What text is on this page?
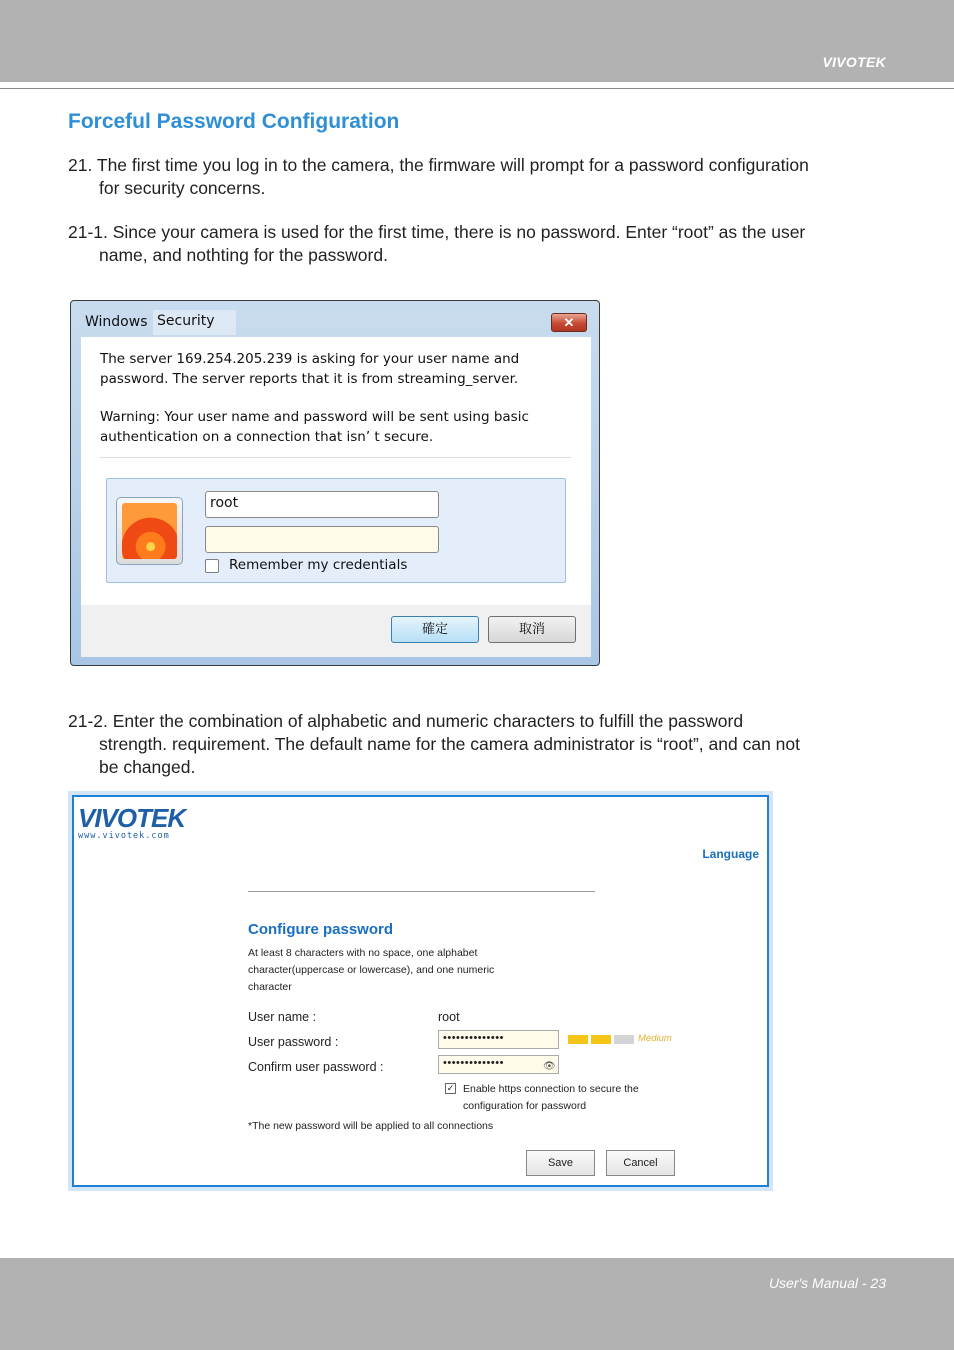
VIVOTEK
Forceful Password Configuration

21. The first time you log in to the camera, the firmware will prompt for a password configuration
for security concerns.

21-1. Since your camera is used for the first time, there is no password. Enter “root” as the user
name, and nothting for the password.

Windows Security	✕
The server 169.254.205.239 is asking for your user name and
password. The server reports that it is from streaming_server.
Warning: Your user name and password will be sent using basic
authentication on a connection that isn’ t secure.
root
Remember my credentials
確定	取消

21-2. Enter the combination of alphabetic and numeric characters to fulfill the password
strength. requirement. The default name for the camera administrator is “root”, and can not
be changed.

VIVOTEK
www.vivotek.com
Language
Configure password
At least 8 characters with no space, one alphabet
character(uppercase or lowercase), and one numeric
character
User name :	root
User password :	••••••••••••••	Medium
Confirm user password :	••••••••••••••	👁
✓ Enable https connection to secure the
configuration for password
*The new password will be applied to all connections
Save	Cancel
User's Manual - 23
